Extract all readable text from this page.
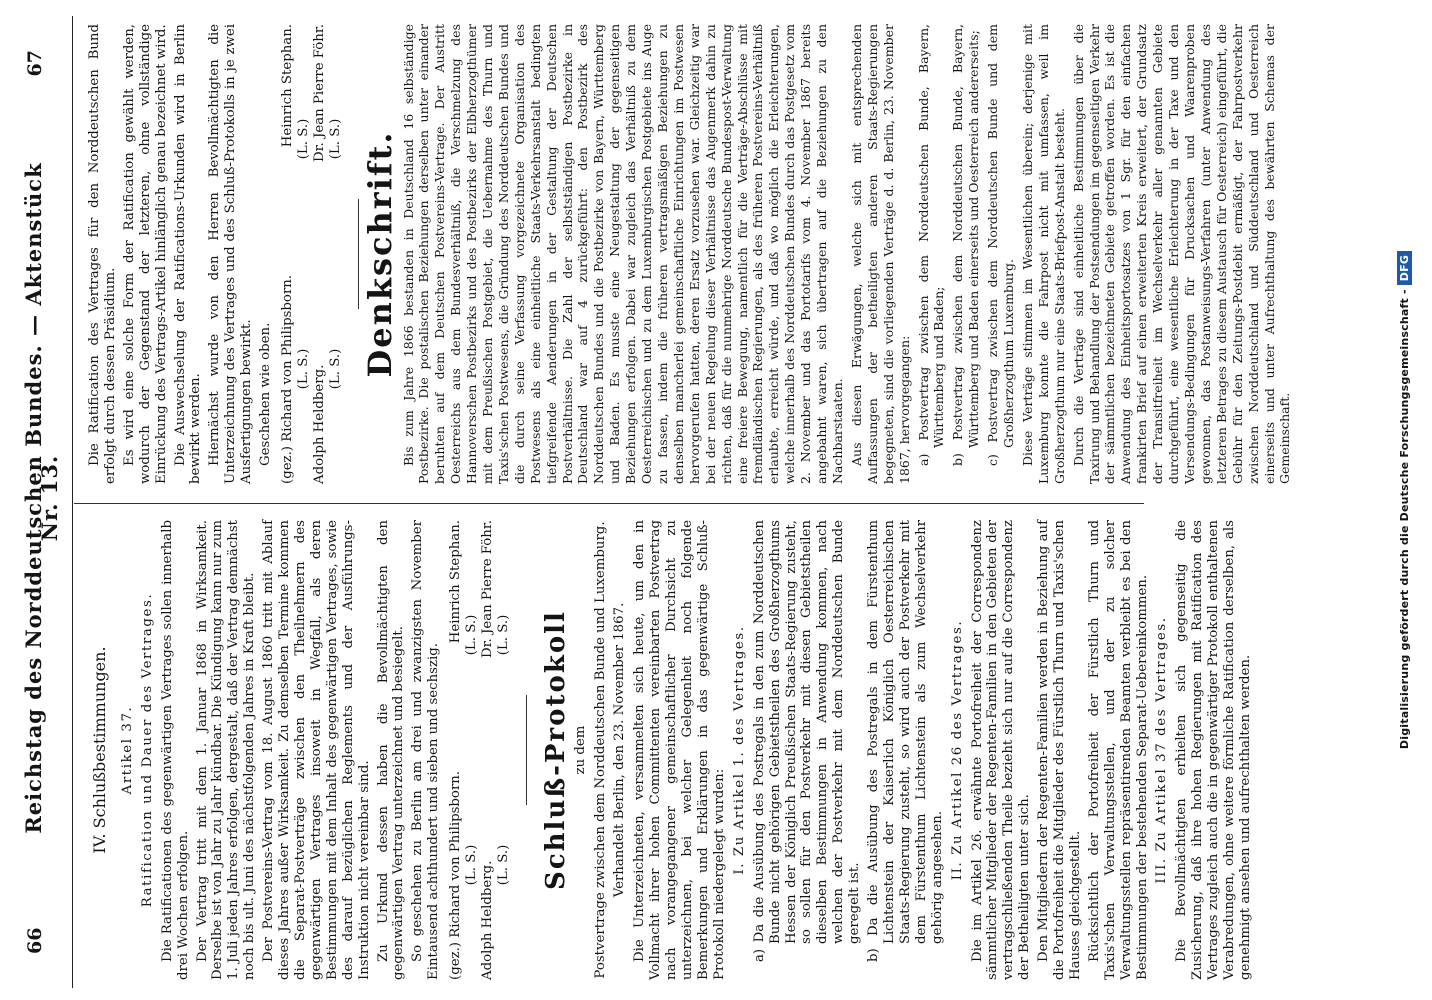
66
Reichstag des Norddeutschen Bundes. — Aktenstück Nr. 13.
67
IV. Schlußbestimmungen. Artikel 37. Ratification und Dauer des Vertrages. Die Ratificationen des gegenwärtigen Vertrages sollen innerhalb drei Wochen erfolgen. Der Vertrag tritt mit dem 1. Januar 1868 in Wirksamkeit. Derselbe ist von Jahr zu Jahr kündbar. Die Kündigung kann nur zum 1. Juli jeden Jahres erfolgen, dergestalt, daß der Vertrag demnächst noch bis ult. Juni des nächstfolgenden Jahres in Kraft bleibt. Der Postvereins-Vertrag vom 18. August 1860 tritt mit Ablauf dieses Jahres außer Wirksamkeit. Zu demselben Termine kommen die Separat-Postverträge zwischen den Theilnehmern des gegenwärtigen Vertrages insoweit in Wegfall, als deren Bestimmungen mit dem Inhalt des gegenwärtigen Vertrages, sowie des darauf bezüglichen Reglements und der Ausführungs-Instruktion nicht vereinbar sind. Zu Urkund dessen haben die Bevollmächtigten den gegenwärtigen Vertrag unterzeichnet und besiegelt. So geschehen zu Berlin am drei und zwanzigsten November Eintausend achthundert und sieben und sechszig. (gez.) Richard von Philipsborn.
Heinrich Stephan.
(L. S.)
(L. S.)
Adolph Heldberg.
Dr. Jean Pierre Föhr.
(L. S.)
(L. S.) Schluß-Protokoll zu dem Postvertrage zwischen dem Norddeutschen Bunde und Luxemburg. Verhandelt Berlin, den 23. November 1867. Die Unterzeichneten, versammelten sich heute, um den in Vollmacht ihrer hohen Committenten vereinbarten Postvertrag nach vorangegangener gemeinschaftlicher Durchsicht zu unterzeichnen, bei welcher Gelegenheit noch folgende Bemerkungen und Erklärungen in das gegenwärtige Schluß-Protokoll niedergelegt wurden: I. Zu Artikel 1. des Vertrages. a) Da die Ausübung des Postregals in den zum Norddeutschen Bunde nicht gehörigen Gebietstheilen des Großherzogthums Hessen der Königlich Preußischen Staats-Regierung zusteht, so sollen für den Postverkehr mit diesen Gebietstheilen dieselben Bestimmungen in Anwendung kommen, nach welchen der Postverkehr mit dem Norddeutschen Bunde geregelt ist. b) Da die Ausübung des Postregals in dem Fürstenthum Lichtenstein der Kaiserlich Königlich Oesterreichischen Staats-Regierung zusteht, so wird auch der Postverkehr mit dem Fürstenthum Lichtenstein als zum Wechselverkehr gehörig angesehen. II. Zu Artikel 26 des Vertrages. Die im Artikel 26. erwähnte Portofreiheit der Correspondenz sämmtlicher Mitglieder der Regenten-Familien in den Gebieten der vertragschließenden Theile bezieht sich nur auf die Correspondenz der Betheiligten unter sich. Den Mitgliedern der Regenten-Familien werden in Beziehung auf die Portofreiheit die Mitglieder des Fürstlich Thurn und Taxis'schen Hauses gleichgestellt. Rücksichtlich der Portofreiheit der Fürstlich Thurn und Taxis'schen Verwaltungsstellen, und der zu solcher Verwaltungsstellen repräsentirenden Beamten verbleibt es bei den Bestimmungen der bestehenden Separat-Uebereinkommen. III. Zu Artikel 37 des Vertrages. Die Bevollmächtigten erhielten sich gegenseitig die Zusicherung, daß ihre hohen Regierungen mit Ratification des Vertrages zugleich auch die in gegenwärtiger Protokoll enthaltenen Verabredungen, ohne weitere förmliche Ratification derselben, als genehmigt ansehen und aufrechthalten werden.

Die Ratification des Vertrages für den Norddeutschen Bund erfolgt durch dessen Präsidium. Es wird eine solche Form der Ratification gewählt werden, wodurch der Gegenstand der letzteren, ohne vollständige Einrückung des Vertrags-Artikel hinlänglich genau bezeichnet wird. Die Auswechselung der Ratifications-Urkunden wird in Berlin bewirkt werden. Hiernächst wurde von den Herren Bevollmächtigten die Unterzeichnung des Vertrages und des Schluß-Protokolls in je zwei Ausfertigungen bewirkt. Geschehen wie oben. (gez.) Richard von Philipsborn.
Heinrich Stephan.
(L. S.)
(L. S.)
Adolph Heldberg.
Dr. Jean Pierre Föhr.
(L. S.)
(L. S.) Denkschrift. Bis zum Jahre 1866 bestanden in Deutschland 16 selbständige Postbezirke. Die postalischen Beziehungen derselben unter einander beruhten auf dem Deutschen Postvereins-Vertrage. Der Austritt Oesterreichs aus dem Bundesverhältniß, die Verschmelzung des Hannoverschen Postbezirks und des Postbezirks der Elbherzogthümer mit dem Preußischen Postgebiet, die Uebernahme des Thurn und Taxis'schen Postwesens, die Gründung des Norddeutschen Bundes und die durch seine Verfassung vorgezeichnete Organisation des Postwesens als eine einheitliche Staats-Verkehrsanstalt bedingten tiefgreifende Aenderungen in der Gestaltung der Deutschen Postverhältnisse. Die Zahl der selbstständigen Postbezirke in Deutschland war auf 4 zurückgeführt: den Postbezirk des Norddeutschen Bundes und die Postbezirke von Bayern, Württemberg und Baden. Es musste eine Neugestaltung der gegenseitigen Beziehungen erfolgen. Dabei war zugleich das Verhältniß zu dem Oesterreichischen und zu dem Luxemburgischen Postgebiete ins Auge zu fassen, indem die früheren vertragsmäßigen Beziehungen zu denselben mancherlei gemeinschaftliche Einrichtungen im Postwesen hervorgerufen hatten, deren Ersatz vorzusehen war. Gleichzeitig war bei der neuen Regelung dieser Verhältnisse das Augenmerk dahin zu richten, daß für die nunmehrige Norddeutsche Bundespost-Verwaltung eine freiere Bewegung, namentlich für die Verträge-Abschlüsse mit fremdländischen Regierungen, als des früheren Postvereins-Verhältniß erlaubte, erreicht würde, und daß wo möglich die Erleichterungen, welche innerhalb des Norddeutschen Bundes durch das Postgesetz vom 2. November und das Portotarifs vom 4. November 1867 bereits angebahnt waren, sich übertragen auf die Beziehungen zu den Nachbarstaaten. Aus diesen Erwägungen, welche sich mit entsprechenden Auffassungen der betheiligten anderen Staats-Regierungen begegneten, sind die vorliegenden Verträge d. d. Berlin, 23. November 1867, hervorgegangen: a) Postvertrag zwischen dem Norddeutschen Bunde, Bayern, Württemberg und Baden; b) Postvertrag zwischen dem Norddeutschen Bunde, Bayern, Württemberg und Baden einerseits und Oesterreich andererseits; c) Postvertrag zwischen dem Norddeutschen Bunde und dem Großherzogthum Luxemburg. Diese Verträge stimmen im Wesentlichen überein; derjenige mit Luxemburg konnte die Fahrpost nicht mit umfassen, weil im Großherzogthum nur eine Staats-Briefpost-Anstalt besteht. Durch die Verträge sind einheitliche Bestimmungen über die Taxirung und Behandlung der Postsendungen im gegenseitigen Verkehr der sämmtlichen bezeichneten Gebiete getroffen worden. Es ist die Anwendung des Einheitsportosatzes von 1 Sgr. für den einfachen frankirten Brief auf einen erweiterten Kreis erweitert, der Grundsatz der Transitfreiheit im Wechselverkehr aller genannten Gebiete durchgeführt, eine wesentliche Erleichterung in der Taxe und den Versendungs-Bedingungen für Drucksachen und Waarenproben gewonnen, das Postanweisungs-Verfahren (unter Anwendung des letzteren Betrages zu diesem Austausch für Oesterreich) eingeführt, die Gebühr für den Zeitungs-Postdebit ermäßigt, der Fahrpostverkehr zwischen Norddeutschland und Süddeutschland und Oesterreich einerseits und unter Aufrechthaltung des bewährten Schemas der Gemeinschaft.	Digitalisierung gefördert durch die Deutsche Forschungsgemeinschaft -DFG
